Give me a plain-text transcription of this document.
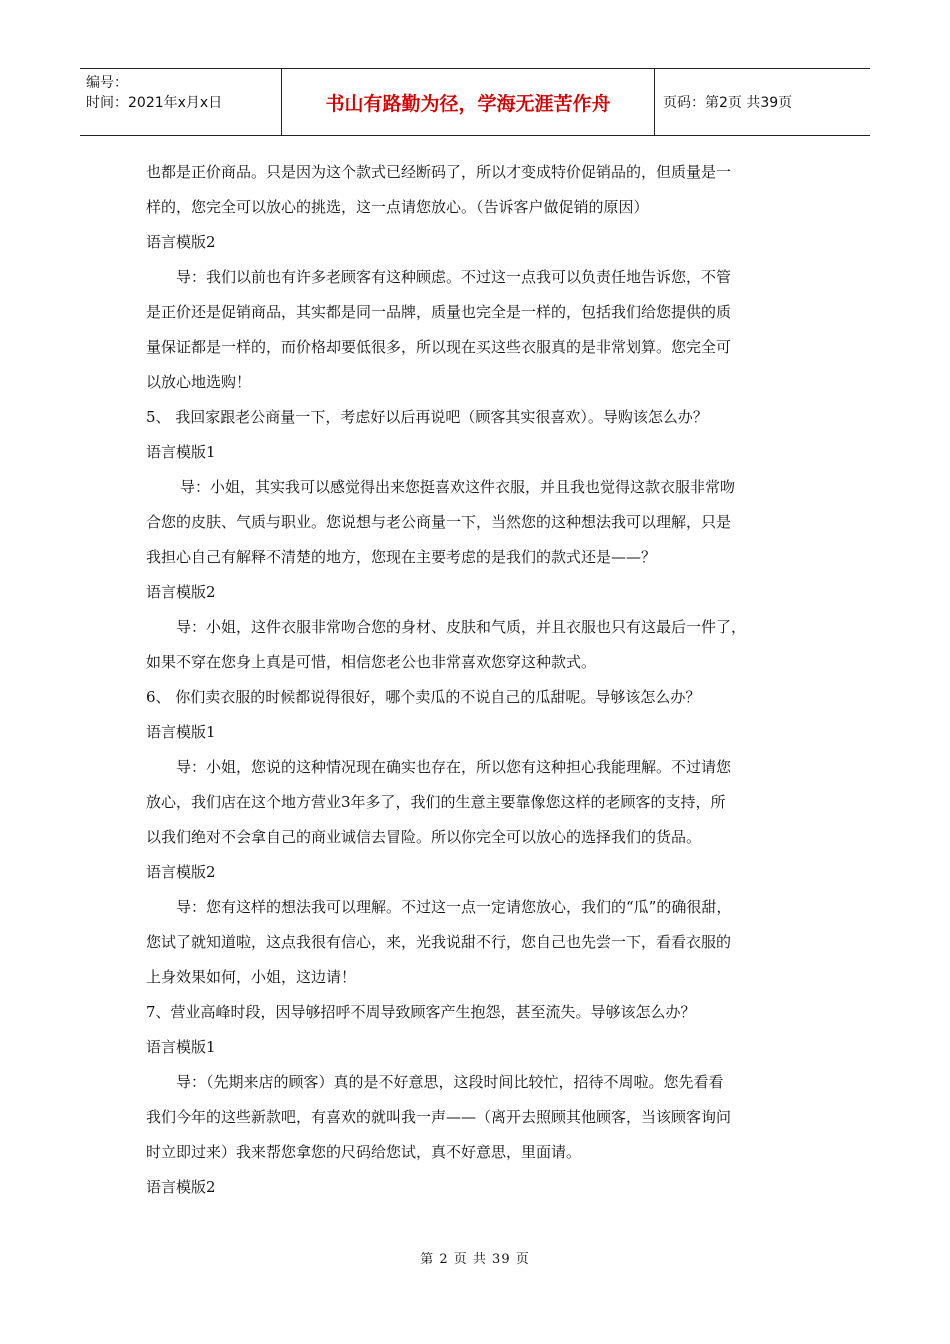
编号：
时间：2021年x月x日	书山有路勤为径，学海无涯苦作舟	页码：第2页 共39页
也都是正价商品。只是因为这个款式已经断码了，所以才变成特价促销品的，但质量是一
样的，您完全可以放心的挑选，这一点请您放心。（告诉客户做促销的原因）
语言模版2
导：我们以前也有许多老顾客有这种顾虑。不过这一点我可以负责任地告诉您，不管
是正价还是促销商品，其实都是同一品牌，质量也完全是一样的，包括我们给您提供的质
量保证都是一样的，而价格却要低很多，所以现在买这些衣服真的是非常划算。您完全可
以放心地选购！
5、 我回家跟老公商量一下，考虑好以后再说吧（顾客其实很喜欢）。导购该怎么办？
语言模版1
导：小姐，其实我可以感觉得出来您挺喜欢这件衣服，并且我也觉得这款衣服非常吻
合您的皮肤、气质与职业。您说想与老公商量一下，当然您的这种想法我可以理解，只是
我担心自己有解释不清楚的地方，您现在主要考虑的是我们的款式还是——？
语言模版2
导：小姐，这件衣服非常吻合您的身材、皮肤和气质，并且衣服也只有这最后一件了，
如果不穿在您身上真是可惜，相信您老公也非常喜欢您穿这种款式。
6、 你们卖衣服的时候都说得很好，哪个卖瓜的不说自己的瓜甜呢。导够该怎么办？
语言模版1
导：小姐，您说的这种情况现在确实也存在，所以您有这种担心我能理解。不过请您
放心，我们店在这个地方营业3年多了，我们的生意主要靠像您这样的老顾客的支持，所
以我们绝对不会拿自己的商业诚信去冒险。所以你完全可以放心的选择我们的货品。
语言模版2
导：您有这样的想法我可以理解。不过这一点一定请您放心，我们的“瓜”的确很甜，
您试了就知道啦，这点我很有信心，来，光我说甜不行，您自己也先尝一下，看看衣服的
上身效果如何，小姐，这边请！
7、营业高峰时段，因导够招呼不周导致顾客产生抱怨，甚至流失。导够该怎么办？
语言模版1
导：（先期来店的顾客）真的是不好意思，这段时间比较忙，招待不周啦。您先看看
我们今年的这些新款吧，有喜欢的就叫我一声——（离开去照顾其他顾客，当该顾客询问
时立即过来）我来帮您拿您的尺码给您试，真不好意思，里面请。
语言模版2
第 2 页 共 39 页
